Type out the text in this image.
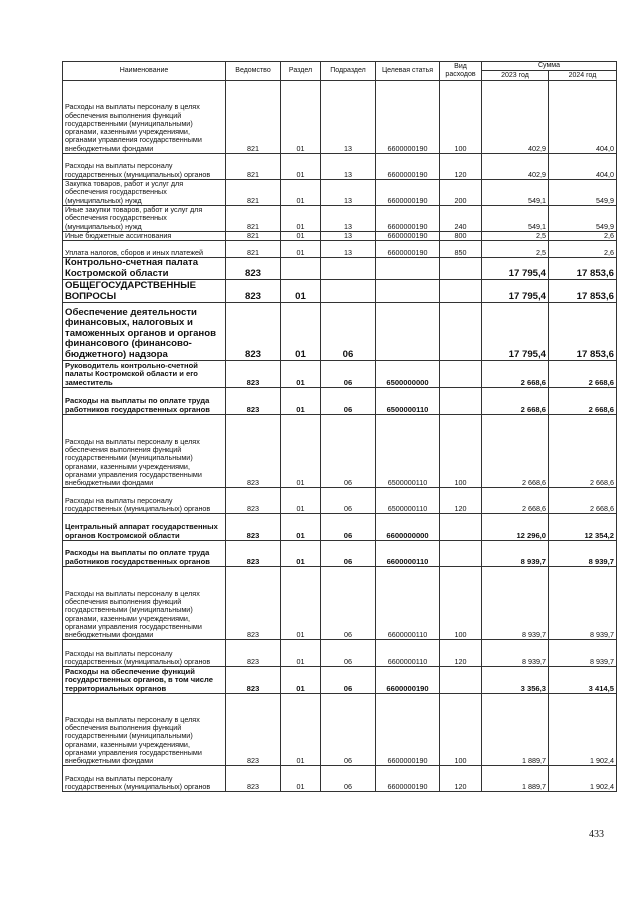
Наименование	Ведомство	Раздел	Подраздел	Целевая статья	Вид расходов	Сумма	
						2023 год	2024 год
Расходы на выплаты персоналу в целях обеспечения выполнения функций государственными (муниципальными) органами, казенными учреждениями, органами управления государственными внебюджетными фондами	821	01	13	6600000190	100	402,9	404,0
Расходы на выплаты персоналу государственных (муниципальных) органов	821	01	13	6600000190	120	402,9	404,0
Закупка товаров, работ и услуг для обеспечения государственных (муниципальных) нужд	821	01	13	6600000190	200	549,1	549,9
Иные закупки товаров, работ и услуг для обеспечения государственных (муниципальных) нужд	821	01	13	6600000190	240	549,1	549,9
Иные бюджетные ассигнования	821	01	13	6600000190	800	2,5	2,6
Уплата налогов, сборов и иных платежей	821	01	13	6600000190	850	2,5	2,6
Контрольно-счетная палата Костромской области	823					17 795,4	17 853,6
ОБЩЕГОСУДАРСТВЕННЫЕ ВОПРОСЫ	823	01				17 795,4	17 853,6
Обеспечение деятельности финансовых, налоговых и таможенных органов и органов финансового (финансово-бюджетного) надзора	823	01	06			17 795,4	17 853,6
Руководитель контрольно-счетной палаты Костромской области и его заместитель	823	01	06	6500000000		2 668,6	2 668,6
Расходы на выплаты по оплате труда работников государственных органов	823	01	06	6500000110		2 668,6	2 668,6
Расходы на выплаты персоналу в целях обеспечения выполнения функций государственными (муниципальными) органами, казенными учреждениями, органами управления государственными внебюджетными фондами	823	01	06	6500000110	100	2 668,6	2 668,6
Расходы на выплаты персоналу государственных (муниципальных) органов	823	01	06	6500000110	120	2 668,6	2 668,6
Центральный аппарат государственных органов Костромской области	823	01	06	6600000000		12 296,0	12 354,2
Расходы на выплаты по оплате труда работников государственных органов	823	01	06	6600000110		8 939,7	8 939,7
Расходы на выплаты персоналу в целях обеспечения выполнения функций государственными (муниципальными) органами, казенными учреждениями, органами управления государственными внебюджетными фондами	823	01	06	6600000110	100	8 939,7	8 939,7
Расходы на выплаты персоналу государственных (муниципальных) органов	823	01	06	6600000110	120	8 939,7	8 939,7
Расходы на обеспечение функций государственных органов, в том числе территориальных органов	823	01	06	6600000190		3 356,3	3 414,5
Расходы на выплаты персоналу в целях обеспечения выполнения функций государственными (муниципальными) органами, казенными учреждениями, органами управления государственными внебюджетными фондами	823	01	06	6600000190	100	1 889,7	1 902,4
Расходы на выплаты персоналу государственных (муниципальных) органов	823	01	06	6600000190	120	1 889,7	1 902,4
433
